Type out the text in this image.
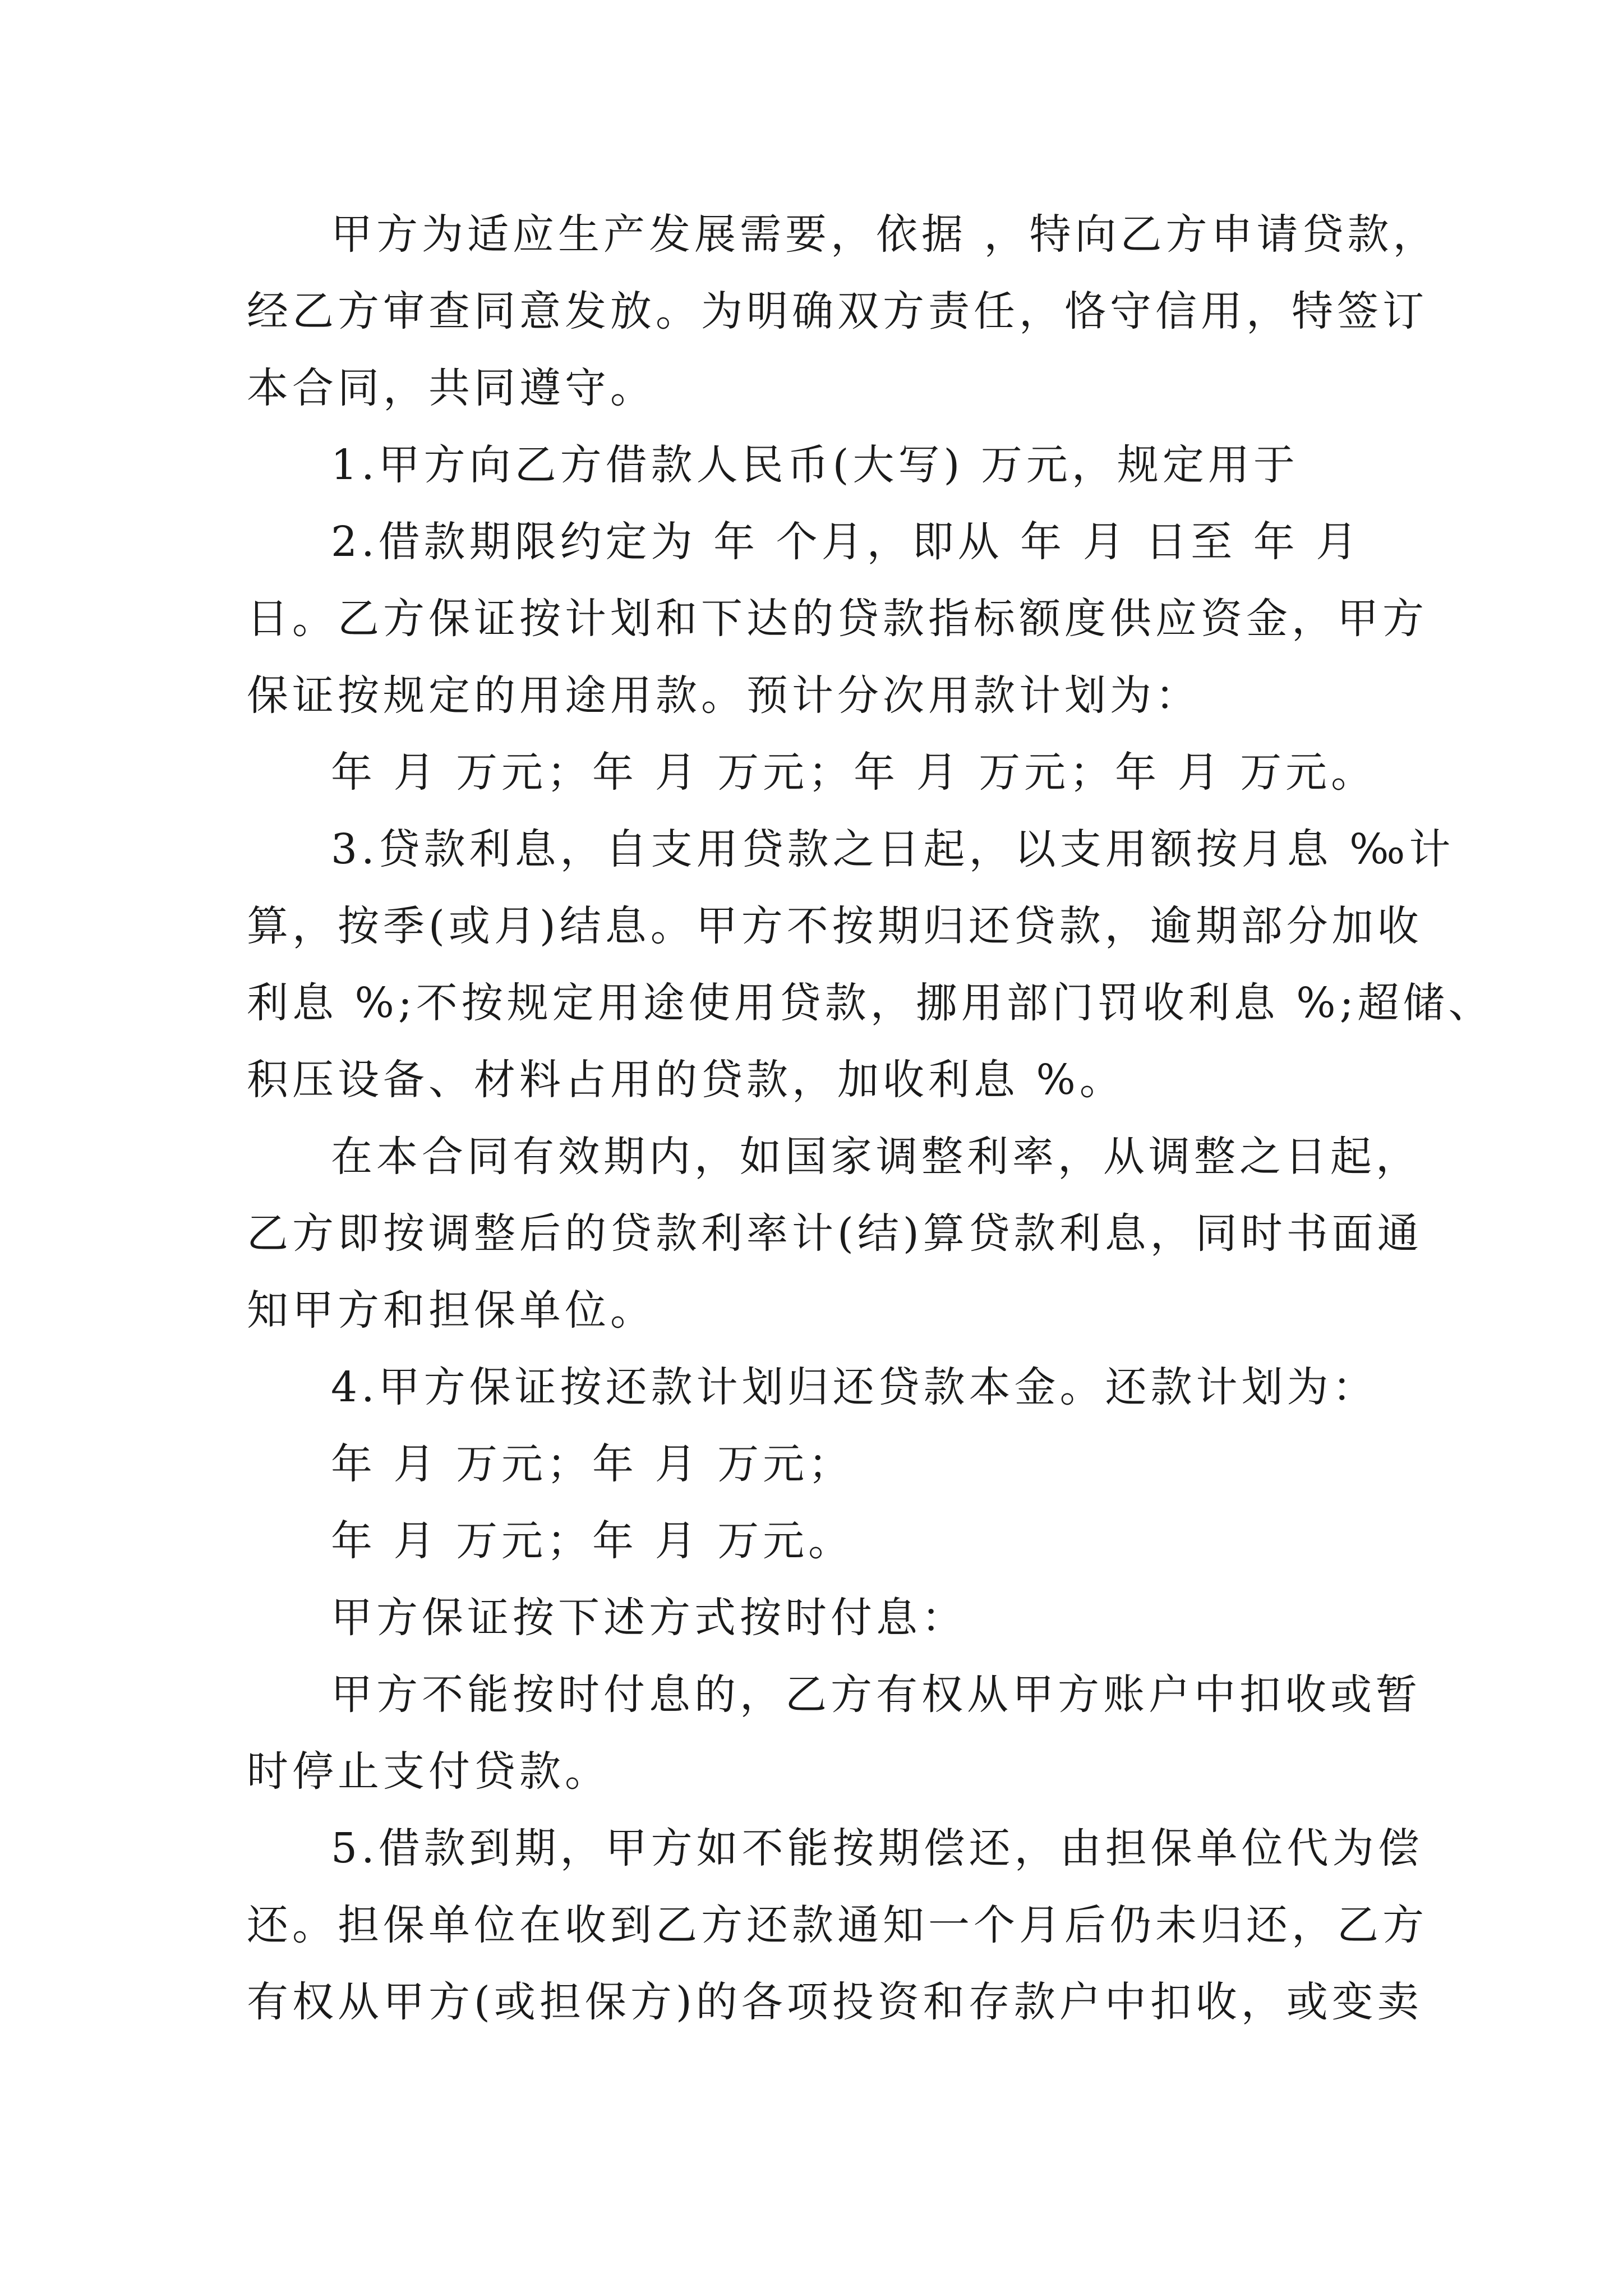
甲方为适应生产发展需要，依据 ，特向乙方申请贷款，
经乙方审查同意发放。为明确双方责任，恪守信用，特签订
本合同，共同遵守。
1.甲方向乙方借款人民币(大写) 万元，规定用于
2.借款期限约定为 年 个月，即从 年 月 日至 年 月
日。乙方保证按计划和下达的贷款指标额度供应资金，甲方
保证按规定的用途用款。预计分次用款计划为：
年 月 万元；年 月 万元；年 月 万元；年 月 万元。
3.贷款利息，自支用贷款之日起，以支用额按月息 ‰计
算，按季(或月)结息。甲方不按期归还贷款，逾期部分加收
利息 %;不按规定用途使用贷款，挪用部门罚收利息 %;超储、
积压设备、材料占用的贷款，加收利息 %。
在本合同有效期内，如国家调整利率，从调整之日起，
乙方即按调整后的贷款利率计(结)算贷款利息，同时书面通
知甲方和担保单位。
4.甲方保证按还款计划归还贷款本金。还款计划为：
年 月 万元；年 月 万元；
年 月 万元；年 月 万元。
甲方保证按下述方式按时付息：
甲方不能按时付息的，乙方有权从甲方账户中扣收或暂
时停止支付贷款。
5.借款到期，甲方如不能按期偿还，由担保单位代为偿
还。担保单位在收到乙方还款通知一个月后仍未归还，乙方
有权从甲方(或担保方)的各项投资和存款户中扣收，或变卖
